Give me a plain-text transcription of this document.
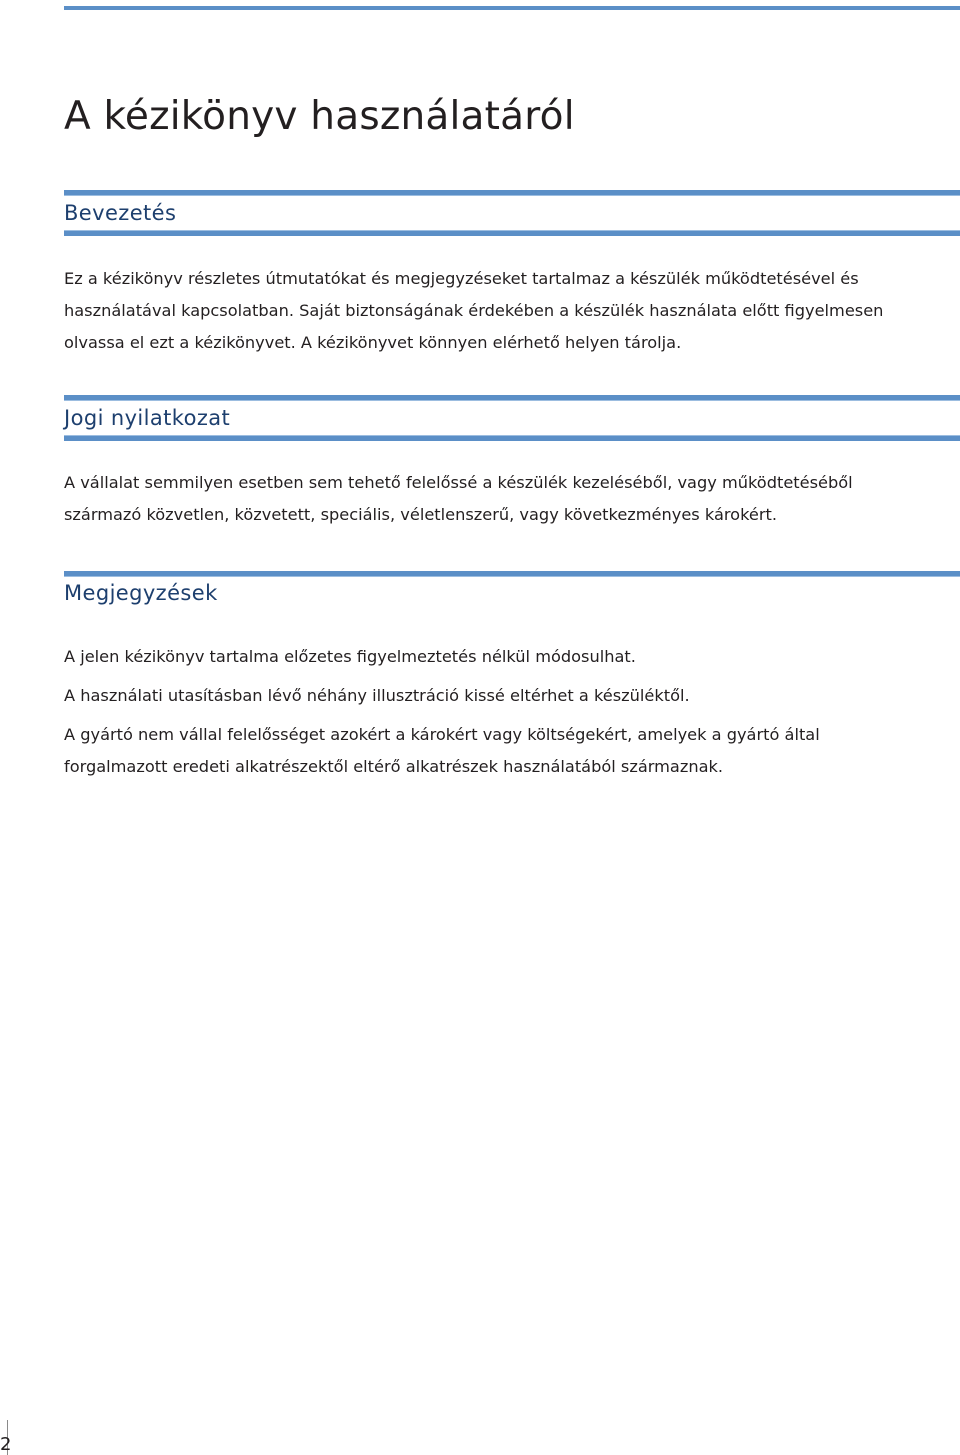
A kézikönyv használatáról
Bevezetés

Ez a kézikönyv részletes útmutatókat és megjegyzéseket tartalmaz a készülék működtetésével és
használatával kapcsolatban. Saját biztonságának érdekében a készülék használata előtt figyelmesen
olvassa el ezt a kézikönyvet. A kézikönyvet könnyen elérhető helyen tárolja.

Jogi nyilatkozat

A vállalat semmilyen esetben sem tehető felelőssé a készülék kezeléséből, vagy működtetéséből
származó közvetlen, közvetett, speciális, véletlenszerű, vagy következményes károkért.

Megjegyzések

A jelen kézikönyv tartalma előzetes figyelmeztetés nélkül módosulhat.

A használati utasításban lévő néhány illusztráció kissé eltérhet a készüléktől.

A gyártó nem vállal felelősséget azokért a károkért vagy költségekért, amelyek a gyártó által
forgalmazott eredeti alkatrészektől eltérő alkatrészek használatából származnak.

2
